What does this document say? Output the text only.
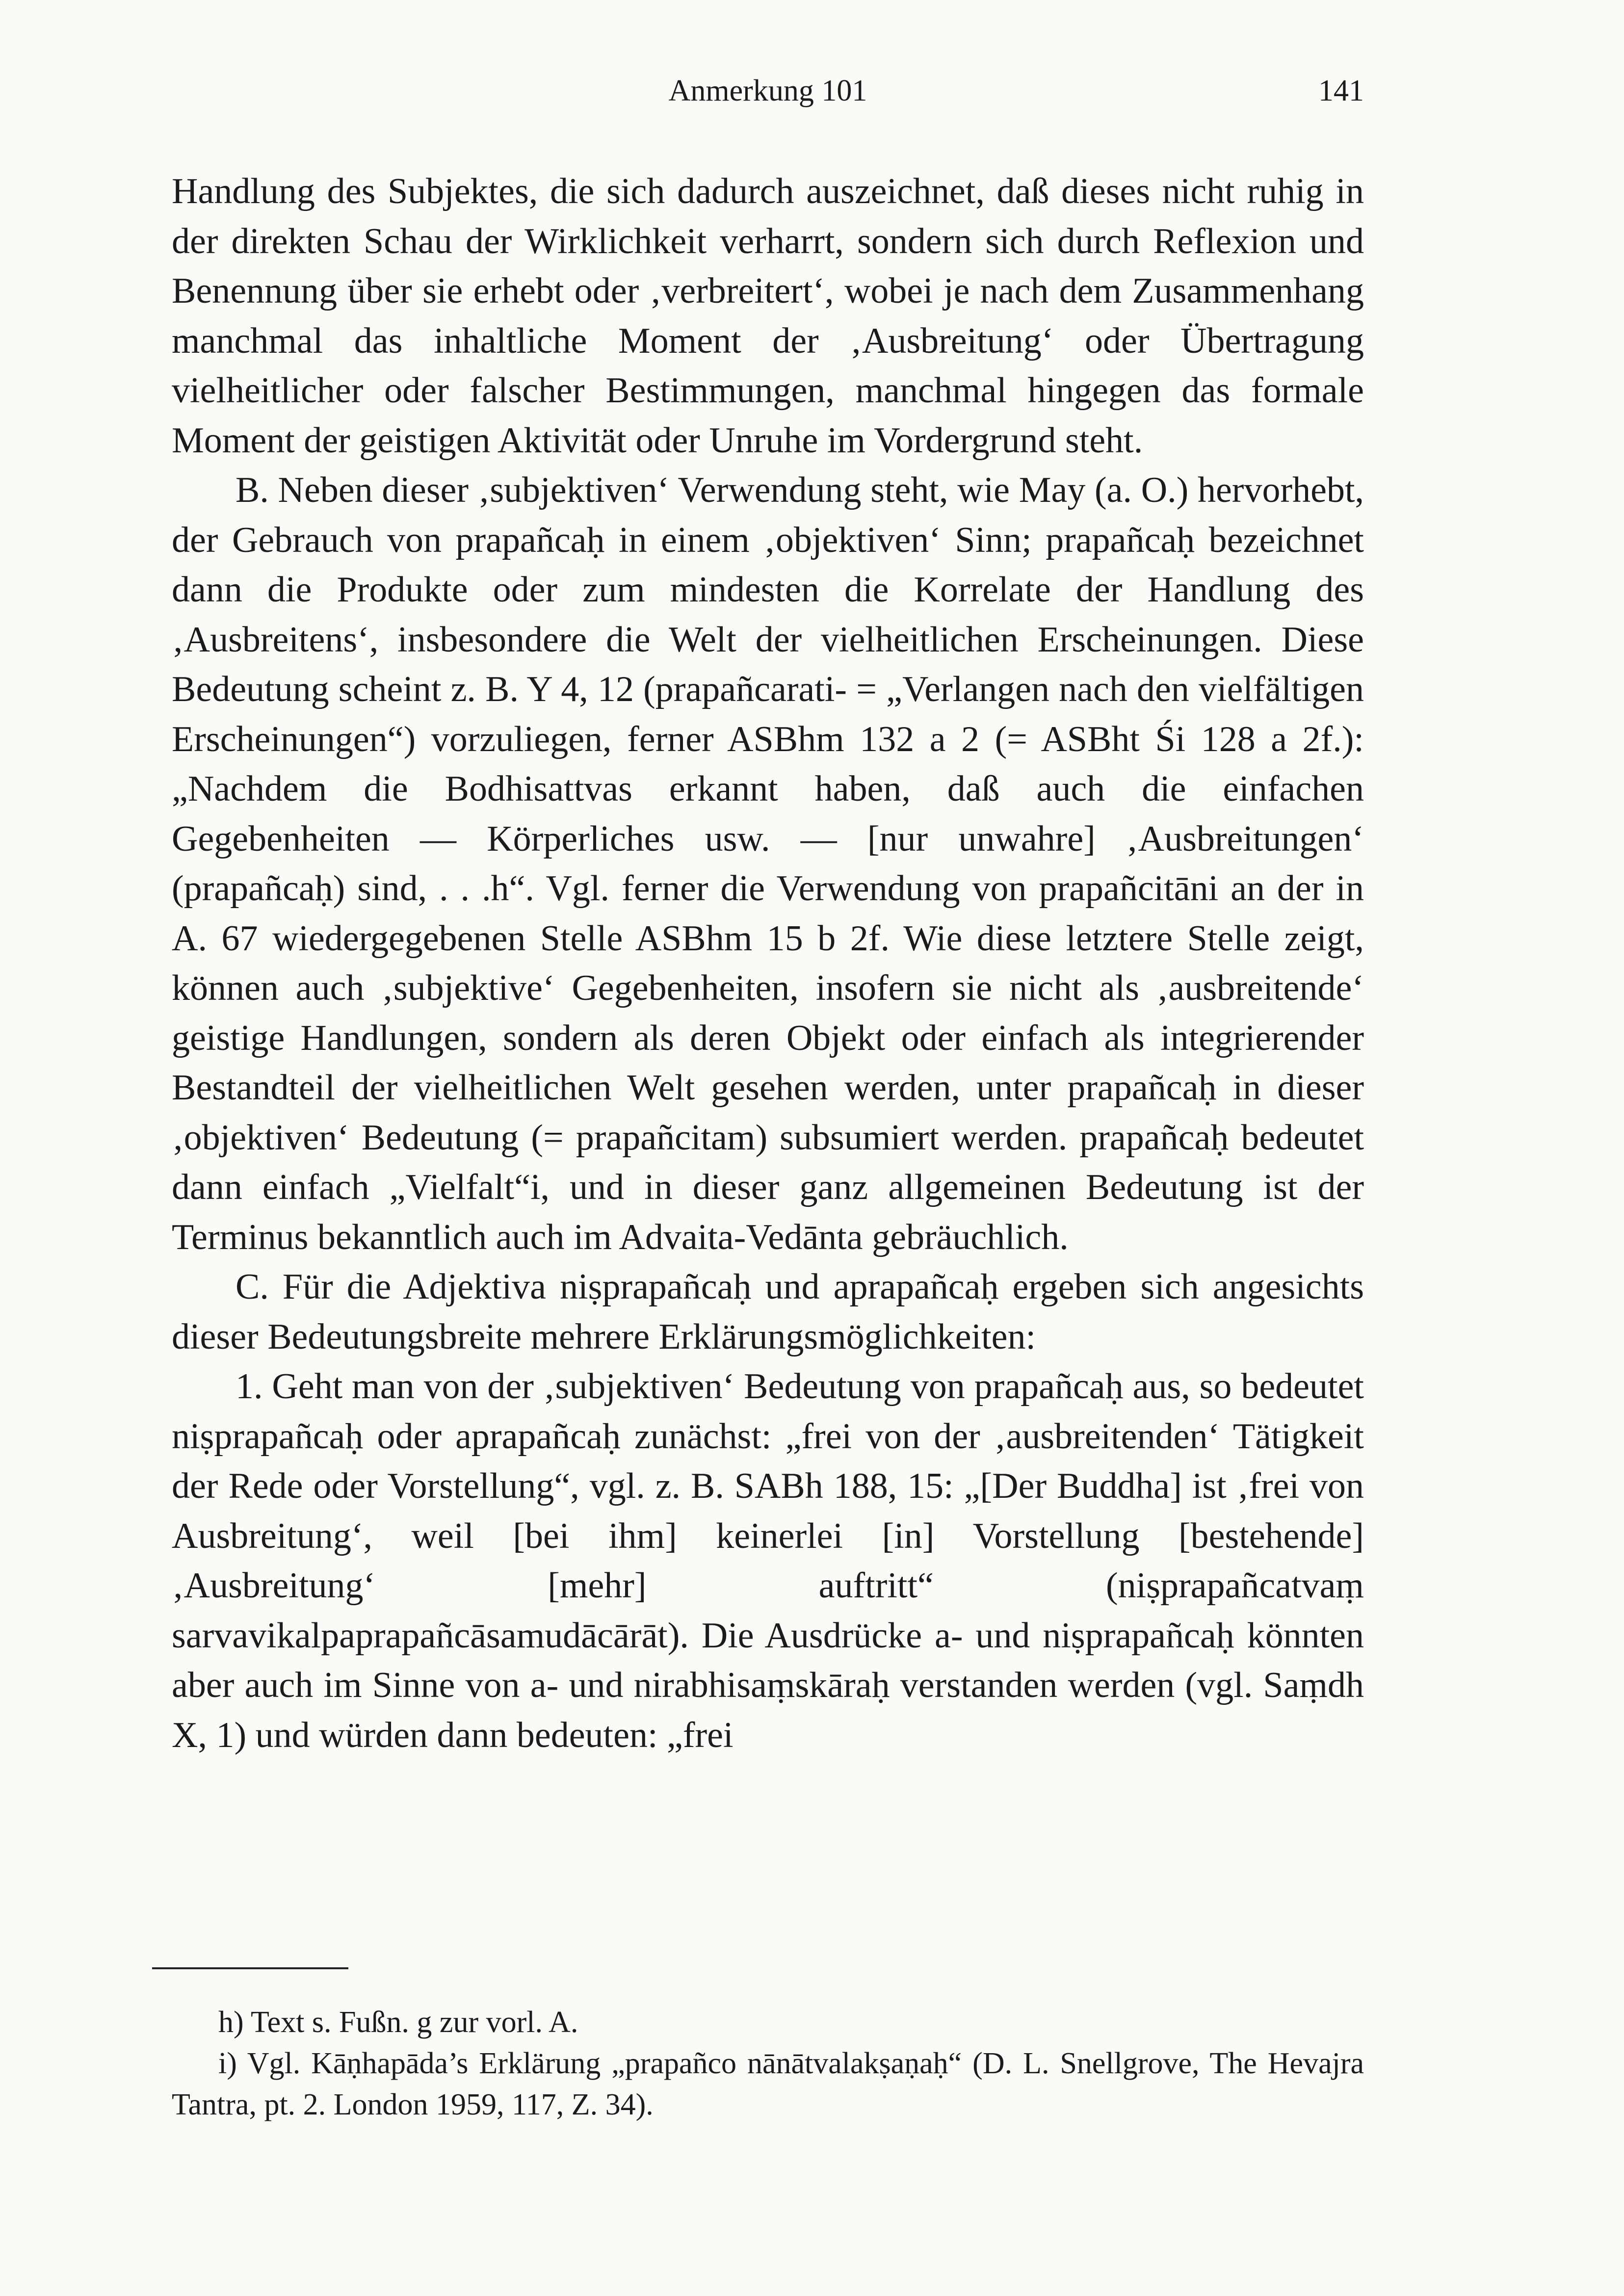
Anmerkung 101	141

Handlung des Subjektes, die sich dadurch auszeichnet, daß dieses nicht ruhig in der direkten Schau der Wirklichkeit verharrt, sondern sich durch Reflexion und Benennung über sie erhebt oder ‚verbreitert‘, wobei je nach dem Zusammenhang manchmal das inhaltliche Moment der ‚Ausbreitung‘ oder Übertragung vielheitlicher oder falscher Bestimmungen, manchmal hingegen das formale Moment der geistigen Aktivität oder Unruhe im Vordergrund steht.

B. Neben dieser ‚subjektiven‘ Verwendung steht, wie May (a. O.) hervorhebt, der Gebrauch von prapañcaḥ in einem ‚objektiven‘ Sinn; prapañcaḥ bezeichnet dann die Produkte oder zum mindesten die Korrelate der Handlung des ‚Ausbreitens‘, insbesondere die Welt der vielheitlichen Erscheinungen. Diese Bedeutung scheint z. B. Y 4, 12 (prapañcarati- = „Verlangen nach den vielfältigen Erscheinungen“) vorzuliegen, ferner ASBhm 132 a 2 (= ASBht Śi 128 a 2f.): „Nachdem die Bodhisattvas erkannt haben, daß auch die einfachen Gegebenheiten — Körperliches usw. — [nur unwahre] ‚Ausbreitungen‘ (prapañcaḥ) sind, . . .h“. Vgl. ferner die Verwendung von prapañcitāni an der in A. 67 wiedergegebenen Stelle ASBhm 15 b 2f. Wie diese letztere Stelle zeigt, können auch ‚subjektive‘ Gegebenheiten, insofern sie nicht als ‚ausbreitende‘ geistige Handlungen, sondern als deren Objekt oder einfach als integrierender Bestandteil der vielheitlichen Welt gesehen werden, unter prapañcaḥ in dieser ‚objektiven‘ Bedeutung (= prapañcitam) subsumiert werden. prapañcaḥ bedeutet dann einfach „Vielfalt“i, und in dieser ganz allgemeinen Bedeutung ist der Terminus bekanntlich auch im Advaita-Vedānta gebräuchlich.

C. Für die Adjektiva niṣprapañcaḥ und aprapañcaḥ ergeben sich angesichts dieser Bedeutungsbreite mehrere Erklärungsmöglichkeiten:

1. Geht man von der ‚subjektiven‘ Bedeutung von prapañcaḥ aus, so bedeutet niṣprapañcaḥ oder aprapañcaḥ zunächst: „frei von der ‚ausbreitenden‘ Tätigkeit der Rede oder Vorstellung“, vgl. z. B. SABh 188, 15: „[Der Buddha] ist ‚frei von Ausbreitung‘, weil [bei ihm] keinerlei [in] Vorstellung [bestehende] ‚Ausbreitung‘ [mehr] auftritt“ (niṣprapañcatvaṃ sarvavikalpaprapañcāsamudācārāt). Die Ausdrücke a- und niṣprapañcaḥ könnten aber auch im Sinne von a- und nirabhisaṃskāraḥ verstanden werden (vgl. Saṃdh X, 1) und würden dann bedeuten: „frei

h) Text s. Fußn. g zur vorl. A.

i) Vgl. Kāṇhapāda’s Erklärung „prapañco nānātvalakṣaṇaḥ“ (D. L. Snellgrove, The Hevajra Tantra, pt. 2. London 1959, 117, Z. 34).
